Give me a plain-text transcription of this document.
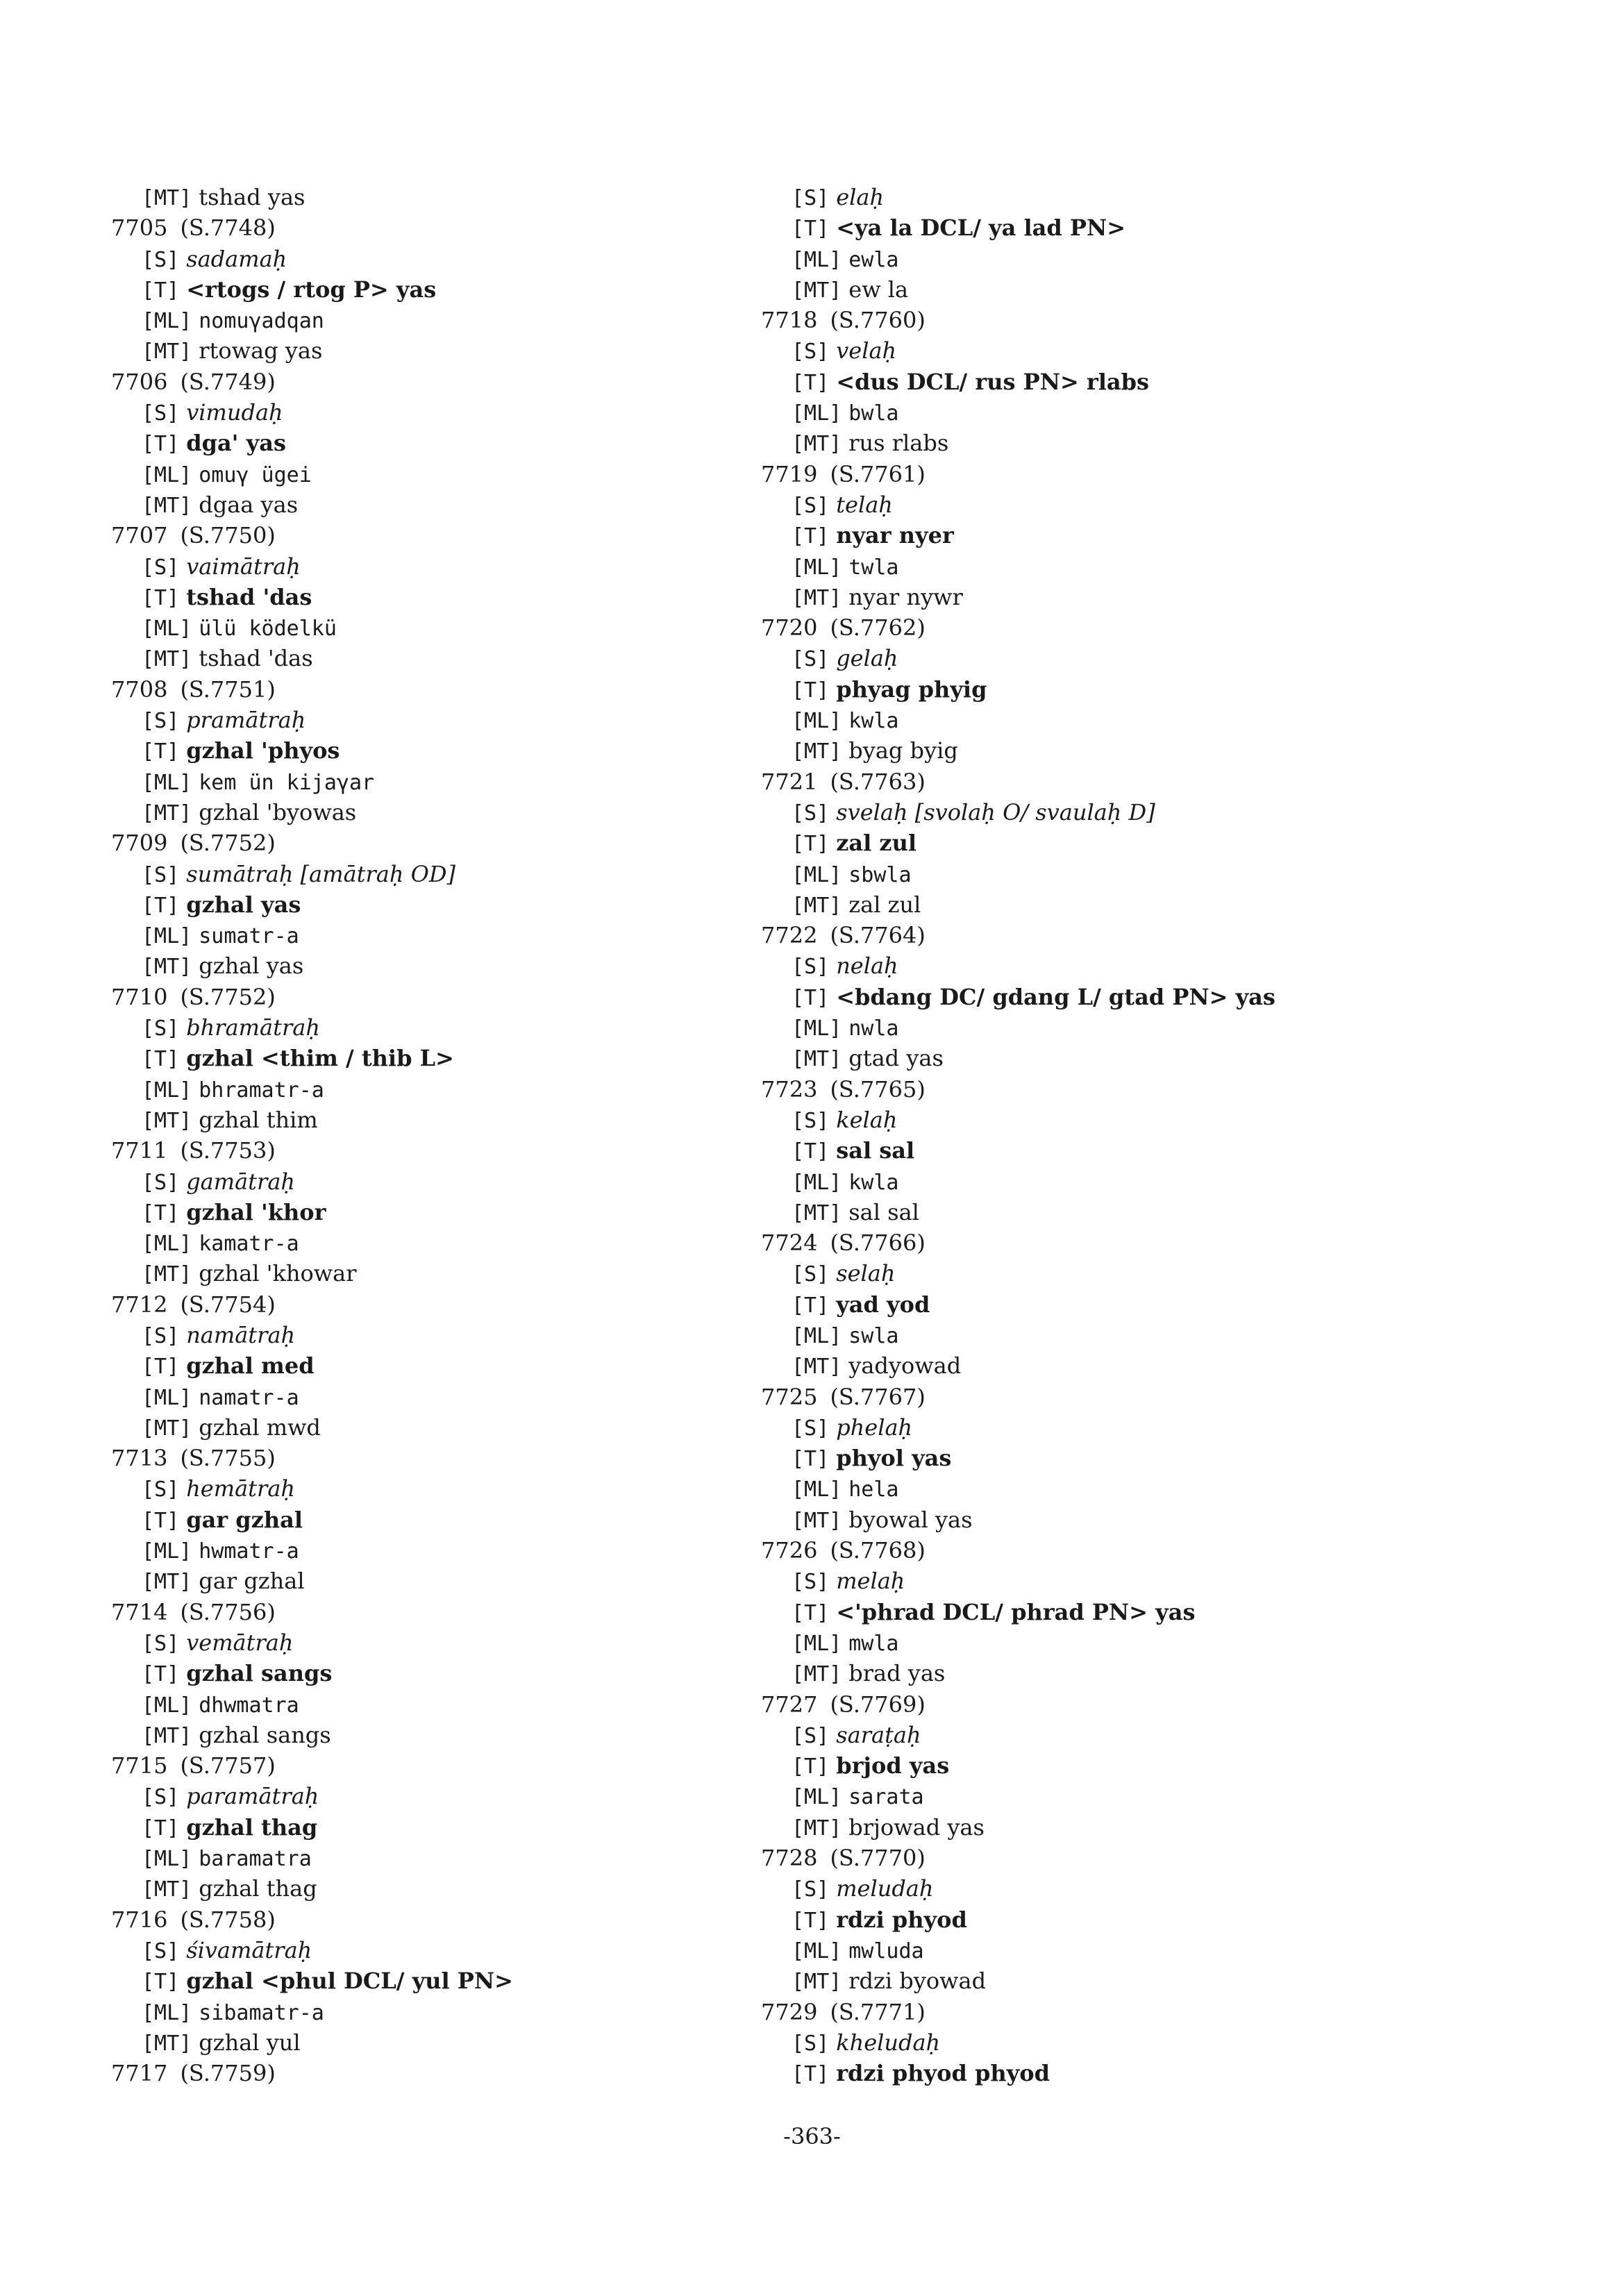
[MT] tshad yas
7705 (S.7748)
[S] sadamaḥ
[T] <rtogs / rtog P> yas
[ML] nomuγadqan
[MT] rtowag yas
7706 (S.7749)
[S] vimudaḥ
[T] dga' yas
[ML] omuγ ügei
[MT] dgaa yas
7707 (S.7750)
[S] vaimātraḥ
[T] tshad 'das
[ML] ülü ködelkü
[MT] tshad 'das
7708 (S.7751)
[S] pramātraḥ
[T] gzhal 'phyos
[ML] kem ün kijaγar
[MT] gzhal 'byowas
7709 (S.7752)
[S] sumātraḥ [amātraḥ OD]
[T] gzhal yas
[ML] sumatr-a
[MT] gzhal yas
7710 (S.7752)
[S] bhramātraḥ
[T] gzhal <thim / thib L>
[ML] bhramatr-a
[MT] gzhal thim
7711 (S.7753)
[S] gamātraḥ
[T] gzhal 'khor
[ML] kamatr-a
[MT] gzhal 'khowar
7712 (S.7754)
[S] namātraḥ
[T] gzhal med
[ML] namatr-a
[MT] gzhal mwd
7713 (S.7755)
[S] hemātraḥ
[T] gar gzhal
[ML] hwmatr-a
[MT] gar gzhal
7714 (S.7756)
[S] vemātraḥ
[T] gzhal sangs
[ML] dhwmatra
[MT] gzhal sangs
7715 (S.7757)
[S] paramātraḥ
[T] gzhal thag
[ML] baramatra
[MT] gzhal thag
7716 (S.7758)
[S] śivamātraḥ
[T] gzhal <phul DCL/ yul PN>
[ML] sibamatr-a
[MT] gzhal yul
7717 (S.7759)
[S] elaḥ
[T] <ya la DCL/ ya lad PN>
[ML] ewla
[MT] ew la
7718 (S.7760)
[S] velaḥ
[T] <dus DCL/ rus PN> rlabs
[ML] bwla
[MT] rus rlabs
7719 (S.7761)
[S] telaḥ
[T] nyar nyer
[ML] twla
[MT] nyar nywr
7720 (S.7762)
[S] gelaḥ
[T] phyag phyig
[ML] kwla
[MT] byag byig
7721 (S.7763)
[S] svelaḥ [svolaḥ O/ svaulaḥ D]
[T] zal zul
[ML] sbwla
[MT] zal zul
7722 (S.7764)
[S] nelaḥ
[T] <bdang DC/ gdang L/ gtad PN> yas
[ML] nwla
[MT] gtad yas
7723 (S.7765)
[S] kelaḥ
[T] sal sal
[ML] kwla
[MT] sal sal
7724 (S.7766)
[S] selaḥ
[T] yad yod
[ML] swla
[MT] yadyowad
7725 (S.7767)
[S] phelaḥ
[T] phyol yas
[ML] hela
[MT] byowal yas
7726 (S.7768)
[S] melaḥ
[T] <'phrad DCL/ phrad PN> yas
[ML] mwla
[MT] brad yas
7727 (S.7769)
[S] saraṭaḥ
[T] brjod yas
[ML] sarata
[MT] brjowad yas
7728 (S.7770)
[S] meludaḥ
[T] rdzi phyod
[ML] mwluda
[MT] rdzi byowad
7729 (S.7771)
[S] kheludaḥ
[T] rdzi phyod phyod
-363-
